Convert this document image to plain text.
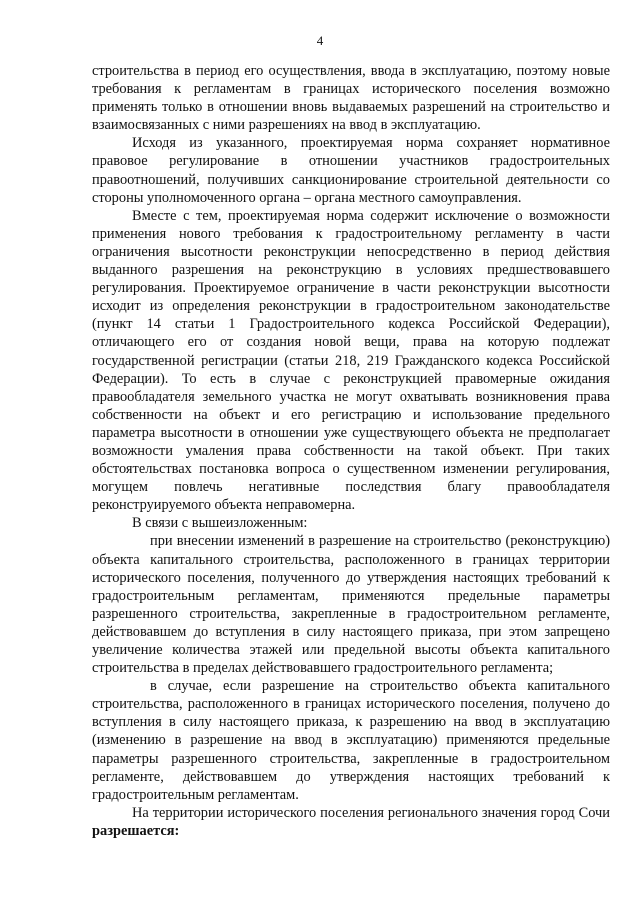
4

строительства в период его осуществления, ввода в эксплуатацию, поэтому новые требования к регламентам в границах исторического поселения возможно применять только в отношении вновь выдаваемых разрешений на строительство и взаимосвязанных с ними разрешениях на ввод в эксплуатацию.

Исходя из указанного, проектируемая норма сохраняет нормативное правовое регулирование в отношении участников градостроительных правоотношений, получивших санкционирование строительной деятельности со стороны уполномоченного органа – органа местного самоуправления.

Вместе с тем, проектируемая норма содержит исключение о возможности применения нового требования к градостроительному регламенту в части ограничения высотности реконструкции непосредственно в период действия выданного разрешения на реконструкцию в условиях предшествовавшего регулирования. Проектируемое ограничение в части реконструкции высотности исходит из определения реконструкции в градостроительном законодательстве (пункт 14 статьи 1 Градостроительного кодекса Российской Федерации), отличающего его от создания новой вещи, права на которую подлежат государственной регистрации (статьи 218, 219 Гражданского кодекса Российской Федерации). То есть в случае с реконструкцией правомерные ожидания правообладателя земельного участка не могут охватывать возникновения права собственности на объект и его регистрацию и использование предельного параметра высотности в отношении уже существующего объекта не предполагает возможности умаления права собственности на такой объект. При таких обстоятельствах постановка вопроса о существенном изменении регулирования, могущем повлечь негативные последствия благу правообладателя реконструируемого объекта неправомерна.

В связи с вышеизложенным:

при внесении изменений в разрешение на строительство (реконструкцию) объекта капитального строительства, расположенного в границах территории исторического поселения, полученного до утверждения настоящих требований к градостроительным регламентам, применяются предельные параметры разрешенного строительства, закрепленные в градостроительном регламенте, действовавшем до вступления в силу настоящего приказа, при этом запрещено увеличение количества этажей или предельной высоты объекта капитального строительства в пределах действовавшего градостроительного регламента;

в случае, если разрешение на строительство объекта капитального строительства, расположенного в границах исторического поселения, получено до вступления в силу настоящего приказа, к разрешению на ввод в эксплуатацию (изменению в разрешение на ввод в эксплуатацию) применяются предельные параметры разрешенного строительства, закрепленные в градостроительном регламенте, действовавшем до утверждения настоящих требований к градостроительным регламентам.

На территории исторического поселения регионального значения город Сочи разрешается:
